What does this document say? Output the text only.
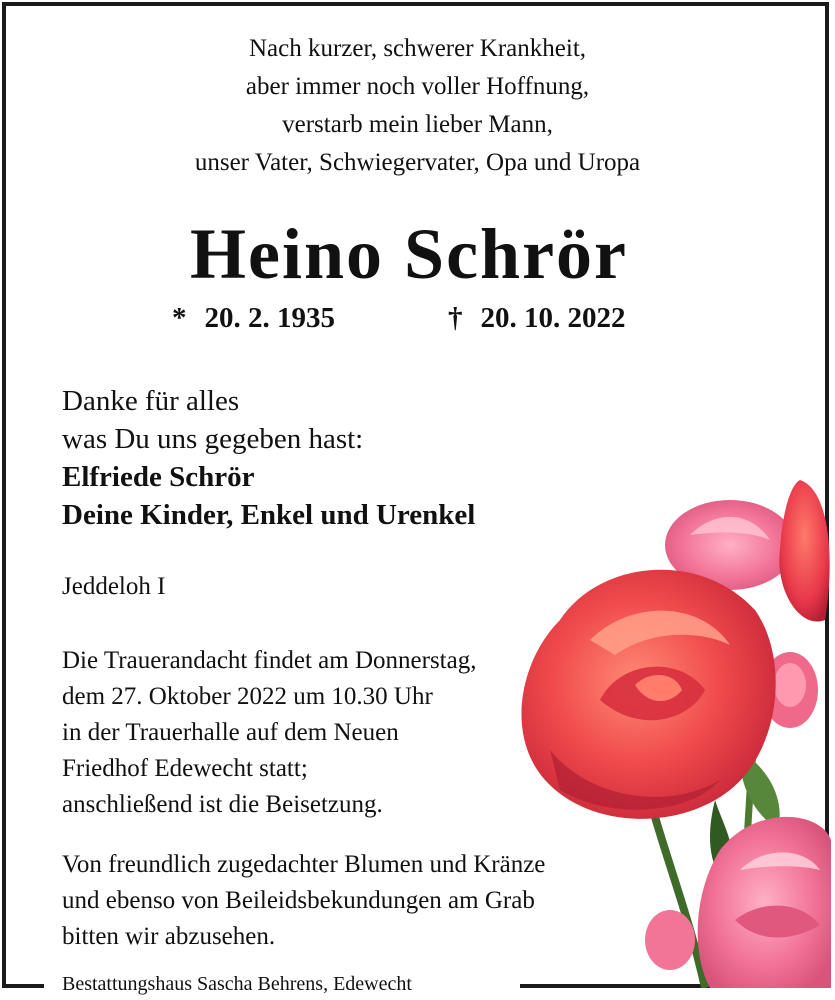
Nach kurzer, schwerer Krankheit,
aber immer noch voller Hoffnung,
verstarb mein lieber Mann,
unser Vater, Schwiegervater, Opa und Uropa
Heino Schrör
* 20. 2. 1935	† 20. 10. 2022
Danke für alles
was Du uns gegeben hast:
Elfriede Schrör
Deine Kinder, Enkel und Urenkel
Jeddeloh I
Die Trauerandacht findet am Donnerstag,
dem 27. Oktober 2022 um 10.30 Uhr
in der Trauerhalle auf dem Neuen
Friedhof Edewecht statt;
anschließend ist die Beisetzung.
Von freundlich zugedachter Blumen und Kränze
und ebenso von Beileidsbekundungen am Grab
bitten wir abzusehen.
Bestattungshaus Sascha Behrens, Edewecht
